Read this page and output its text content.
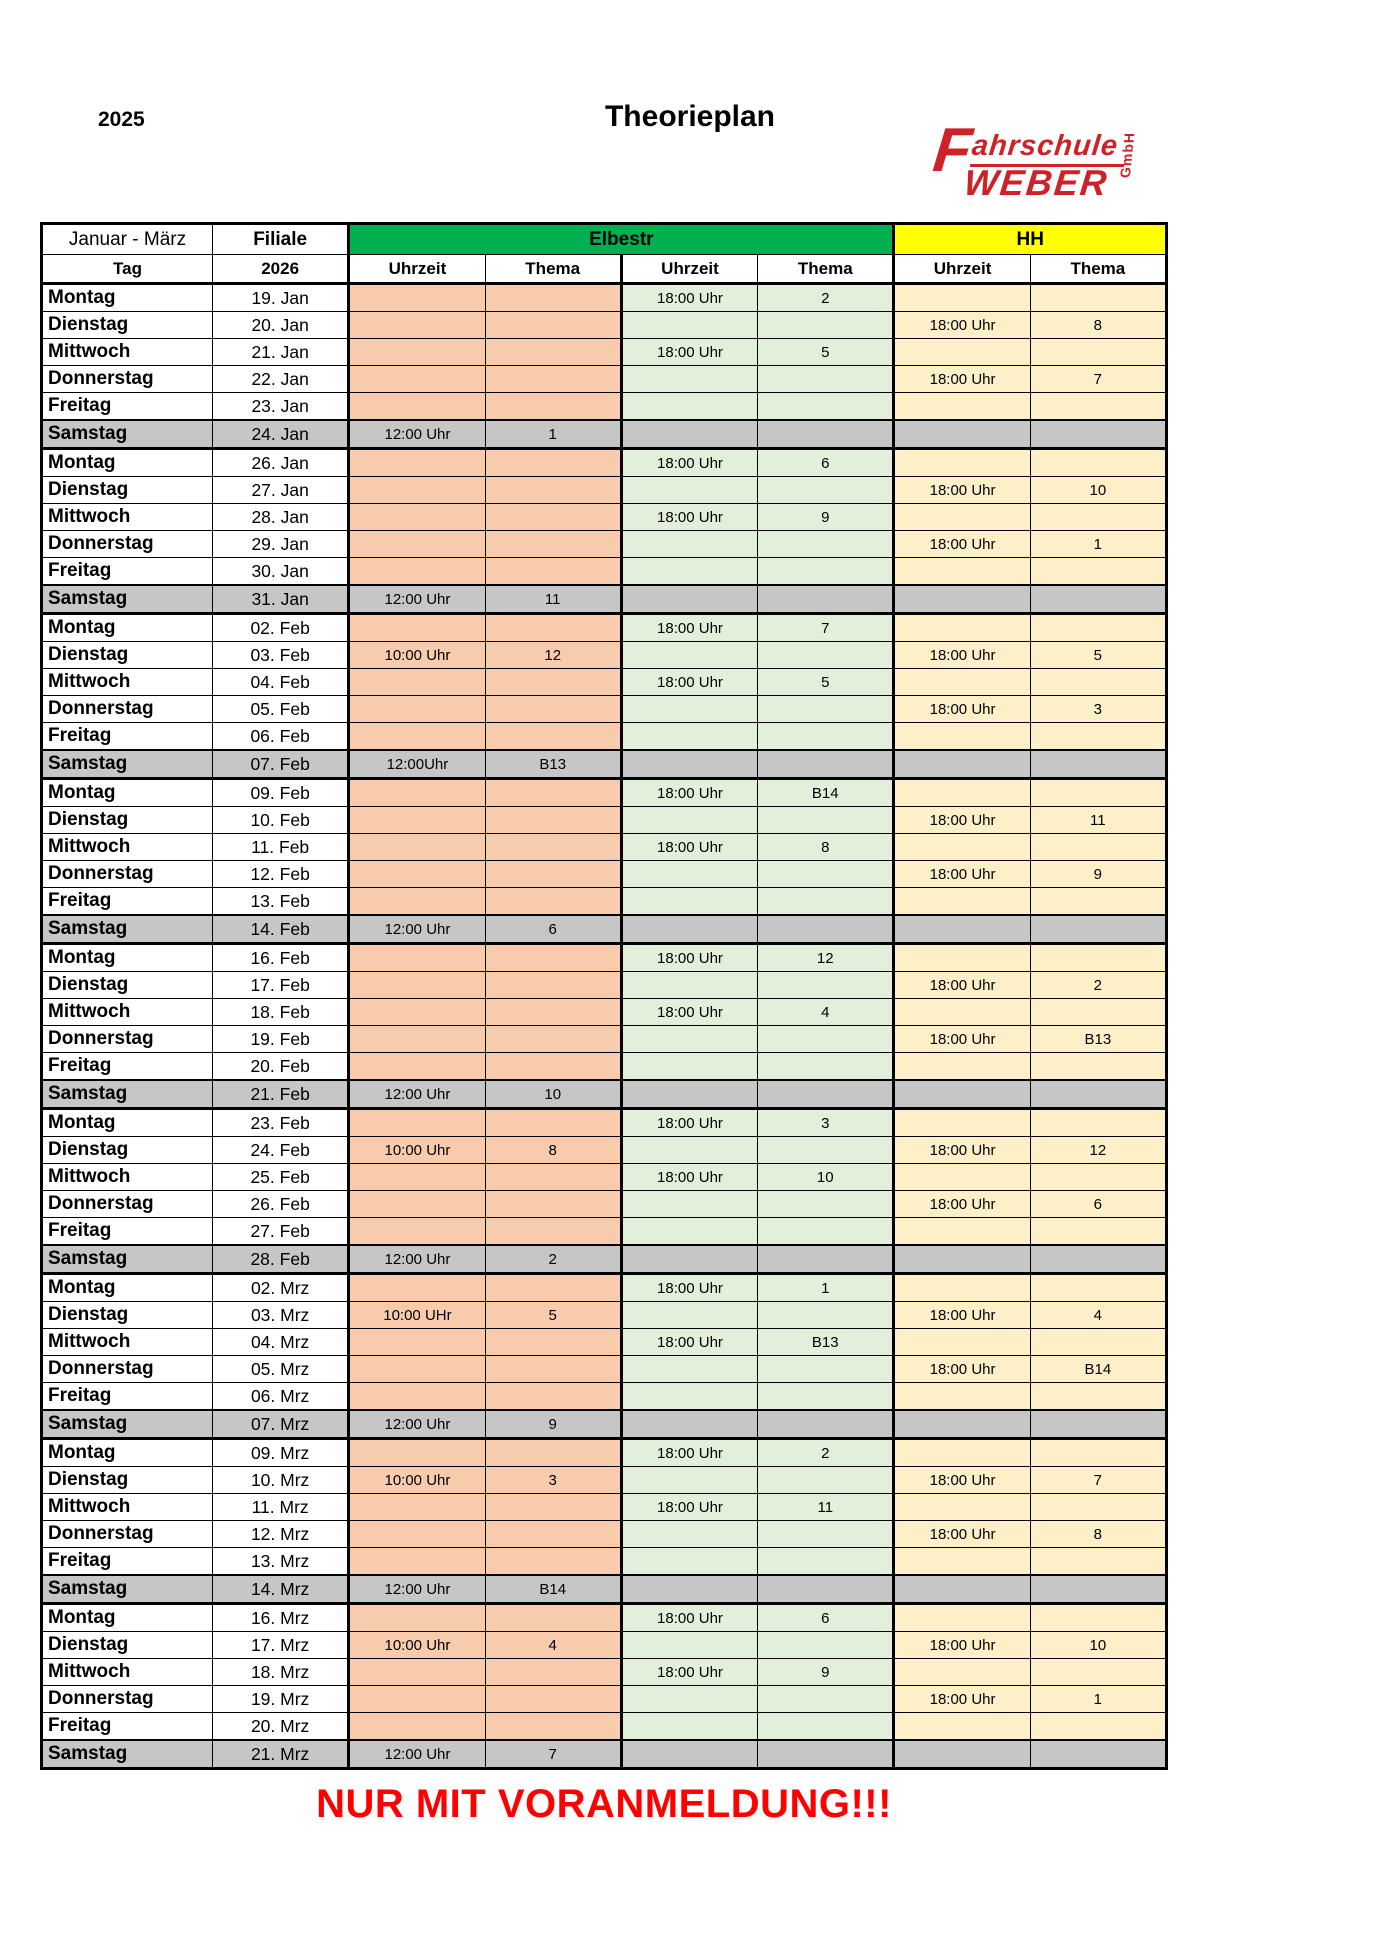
2025	Theorieplan	F
ahrschule
WEBER
GmbH
Januar - März	Filiale	Elbestr				HH	
Tag	2026	Uhrzeit	Thema	Uhrzeit	Thema	Uhrzeit	Thema
Montag	19. Jan			18:00 Uhr	2		
Dienstag	20. Jan					18:00 Uhr	8
Mittwoch	21. Jan			18:00 Uhr	5		
Donnerstag	22. Jan					18:00 Uhr	7
Freitag	23. Jan						
Samstag	24. Jan	12:00 Uhr	1				
Montag	26. Jan			18:00 Uhr	6		
Dienstag	27. Jan					18:00 Uhr	10
Mittwoch	28. Jan			18:00 Uhr	9		
Donnerstag	29. Jan					18:00 Uhr	1
Freitag	30. Jan						
Samstag	31. Jan	12:00 Uhr	11				
Montag	02. Feb			18:00 Uhr	7		
Dienstag	03. Feb	10:00 Uhr	12			18:00 Uhr	5
Mittwoch	04. Feb			18:00 Uhr	5		
Donnerstag	05. Feb					18:00 Uhr	3
Freitag	06. Feb						
Samstag	07. Feb	12:00Uhr	B13				
Montag	09. Feb			18:00 Uhr	B14		
Dienstag	10. Feb					18:00 Uhr	11
Mittwoch	11. Feb			18:00 Uhr	8		
Donnerstag	12. Feb					18:00 Uhr	9
Freitag	13. Feb						
Samstag	14. Feb	12:00 Uhr	6				
Montag	16. Feb			18:00 Uhr	12		
Dienstag	17. Feb					18:00 Uhr	2
Mittwoch	18. Feb			18:00 Uhr	4		
Donnerstag	19. Feb					18:00 Uhr	B13
Freitag	20. Feb						
Samstag	21. Feb	12:00 Uhr	10				
Montag	23. Feb			18:00 Uhr	3		
Dienstag	24. Feb	10:00 Uhr	8			18:00 Uhr	12
Mittwoch	25. Feb			18:00 Uhr	10		
Donnerstag	26. Feb					18:00 Uhr	6
Freitag	27. Feb						
Samstag	28. Feb	12:00 Uhr	2				
Montag	02. Mrz			18:00 Uhr	1		
Dienstag	03. Mrz	10:00 UHr	5			18:00 Uhr	4
Mittwoch	04. Mrz			18:00 Uhr	B13		
Donnerstag	05. Mrz					18:00 Uhr	B14
Freitag	06. Mrz						
Samstag	07. Mrz	12:00 Uhr	9				
Montag	09. Mrz			18:00 Uhr	2		
Dienstag	10. Mrz	10:00 Uhr	3			18:00 Uhr	7
Mittwoch	11. Mrz			18:00 Uhr	11		
Donnerstag	12. Mrz					18:00 Uhr	8
Freitag	13. Mrz						
Samstag	14. Mrz	12:00 Uhr	B14				
Montag	16. Mrz			18:00 Uhr	6		
Dienstag	17. Mrz	10:00 Uhr	4			18:00 Uhr	10
Mittwoch	18. Mrz			18:00 Uhr	9		
Donnerstag	19. Mrz					18:00 Uhr	1
Freitag	20. Mrz						
Samstag	21. Mrz	12:00 Uhr	7				
NUR MIT VORANMELDUNG!!!
